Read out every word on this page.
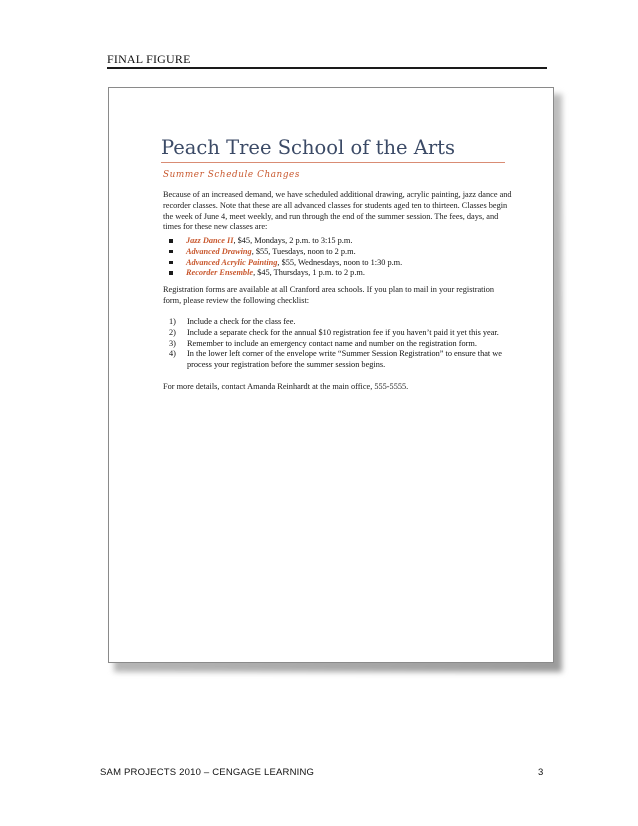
FINAL FIGURE
Peach Tree School of the Arts
Summer Schedule Changes
Because of an increased demand, we have scheduled additional drawing, acrylic painting, jazz dance and recorder classes. Note that these are all advanced classes for students aged ten to thirteen. Classes begin the week of June 4, meet weekly, and run through the end of the summer session. The fees, days, and times for these new classes are:
Jazz Dance II, $45, Mondays, 2 p.m. to 3:15 p.m.
Advanced Drawing, $55, Tuesdays, noon to 2 p.m.
Advanced Acrylic Painting, $55, Wednesdays, noon to 1:30 p.m.
Recorder Ensemble, $45, Thursdays, 1 p.m. to 2 p.m.
Registration forms are available at all Cranford area schools. If you plan to mail in your registration form, please review the following checklist:
1) Include a check for the class fee.
2) Include a separate check for the annual $10 registration fee if you haven’t paid it yet this year.
3) Remember to include an emergency contact name and number on the registration form.
4) In the lower left corner of the envelope write “Summer Session Registration” to ensure that we process your registration before the summer session begins.
For more details, contact Amanda Reinhardt at the main office, 555-5555.
SAM PROJECTS 2010 – CENGAGE LEARNING	3
